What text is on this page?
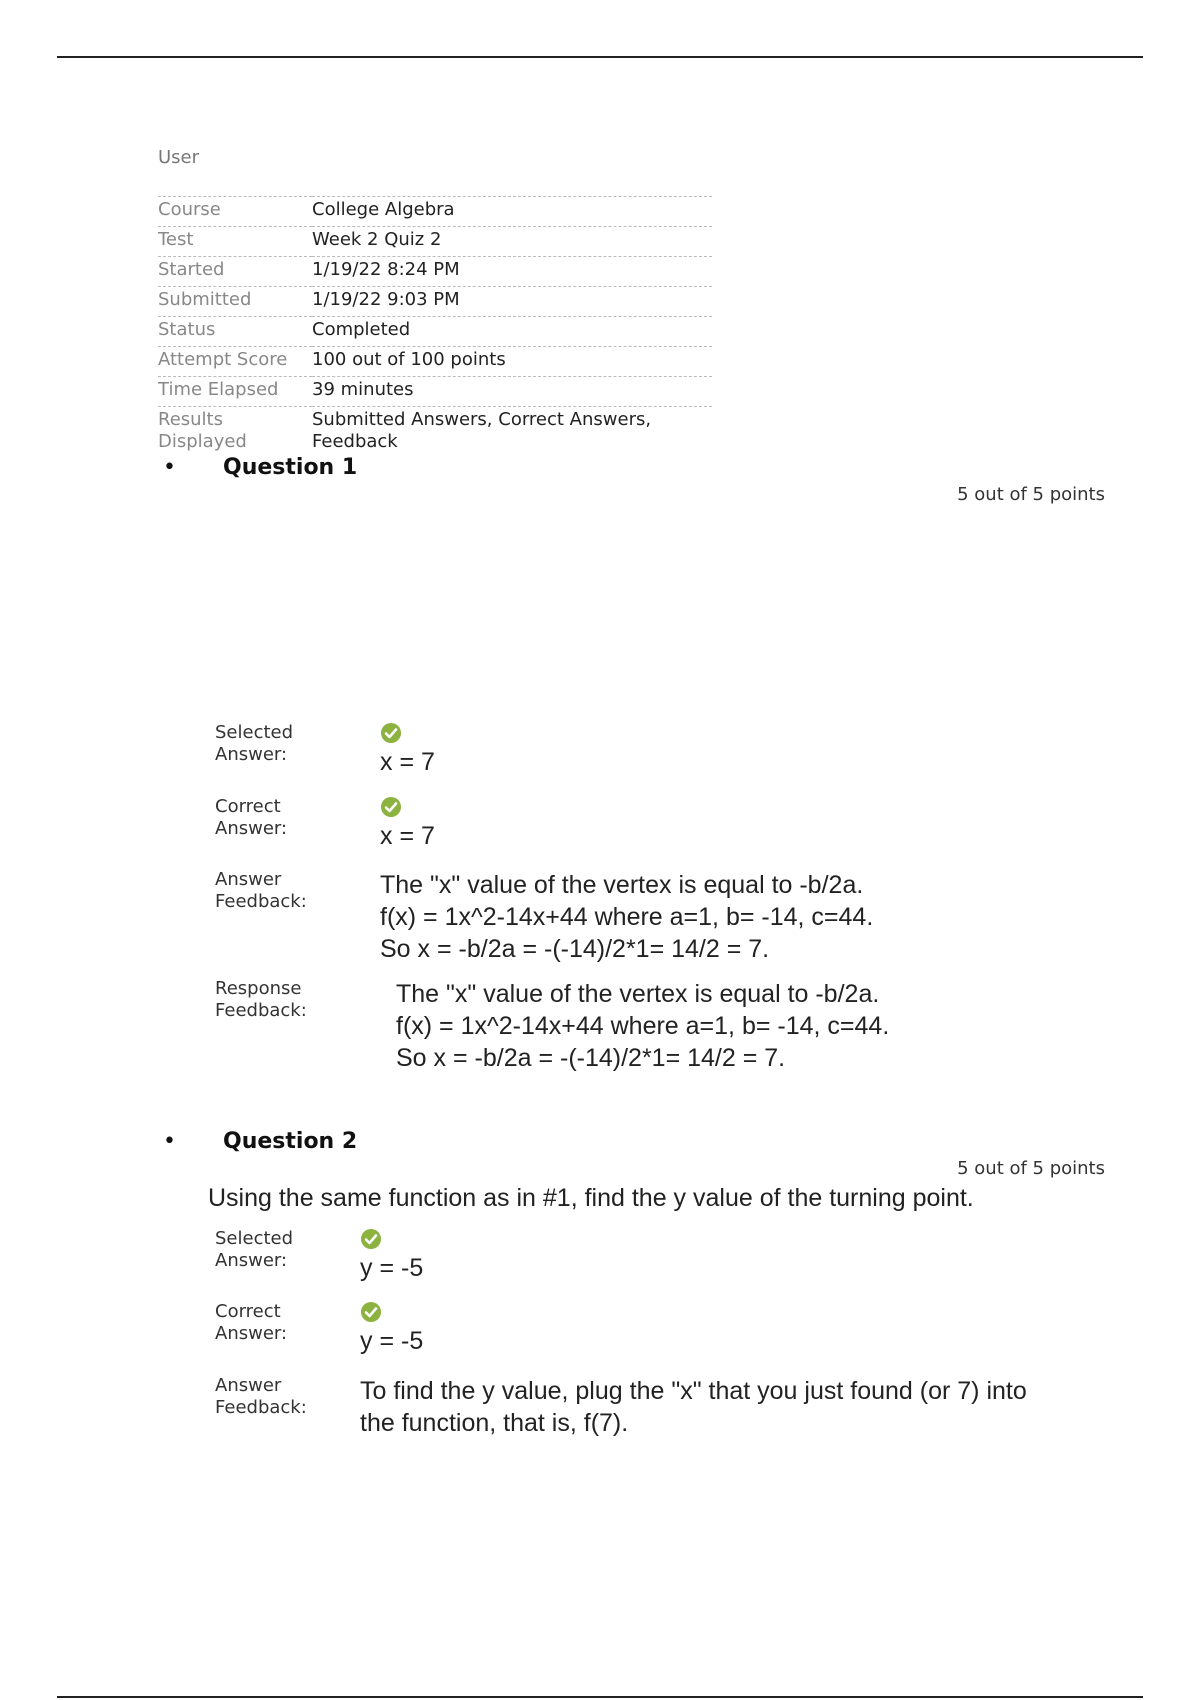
User
Course	College Algebra
Test	Week 2 Quiz 2
Started	1/19/22 8:24 PM
Submitted	1/19/22 9:03 PM
Status	Completed
Attempt Score	100 out of 100 points
Time Elapsed	39 minutes
Results Displayed	Submitted Answers, Correct Answers, Feedback
• Question 1
5 out of 5 points
Selected Answer:	x = 7
Correct Answer:	x = 7
Answer Feedback:
The "x" value of the vertex is equal to -b/2a.
f(x) = 1x^2-14x+44 where a=1, b= -14, c=44.
So x = -b/2a = -(-14)/2*1= 14/2 = 7.
Response Feedback:
The "x" value of the vertex is equal to -b/2a.
f(x) = 1x^2-14x+44 where a=1, b= -14, c=44.
So x = -b/2a = -(-14)/2*1= 14/2 = 7.
• Question 2
5 out of 5 points
Using the same function as in #1, find the y value of the turning point.
Selected Answer:	y = -5
Correct Answer:	y = -5
Answer Feedback:
To find the y value, plug the "x" that you just found (or 7) into
the function, that is, f(7).
